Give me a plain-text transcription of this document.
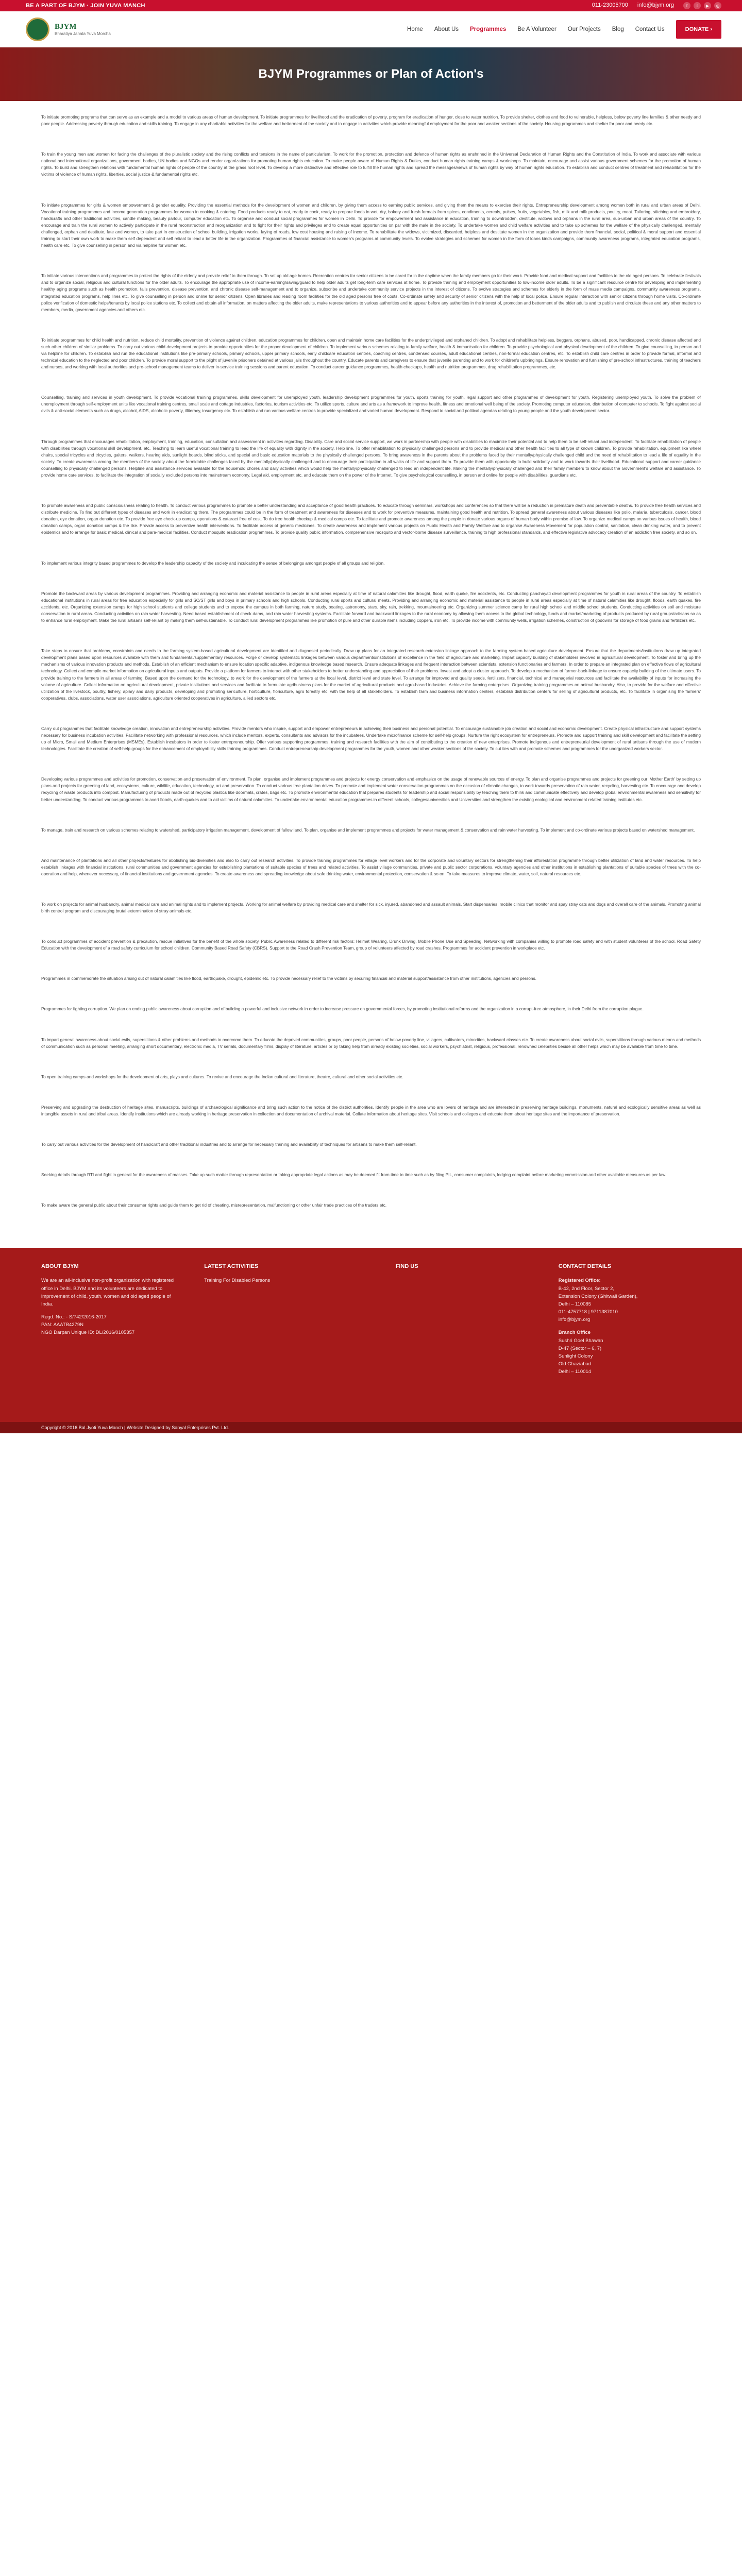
BE A PART OF BJYM · JOIN YUVA MANCH	011-23005700 info@bjym.org	f	t	▶	◎
BJYM
Bharatiya Janata Yuva Morcha
Home About Us Programmes Be A Volunteer Our Projects Blog Contact Us	DONATE ›
BJYM Programmes or Plan of Action's

To initiate promoting programs that can serve as an example and a model to various areas of human development. To initiate programmes for livelihood and the eradication of poverty, program for eradication of hunger, close to water nutrition. To provide shelter, clothes and food to vulnerable, helpless, below poverty line families & other needy and poor people. Addressing poverty through education and skills training. To engage in any charitable activities for the welfare and betterment of the society and to engage in activities which provide meaningful employment for the poor and weaker sections of the society. Housing programmes and shelter for poor and needy etc.

To train the young men and women for facing the challenges of the pluralistic society and the rising conflicts and tensions in the name of particularism. To work for the promotion, protection and defence of human rights as enshrined in the Universal Declaration of Human Rights and the Constitution of India. To work and associate with various national and international organizations, government bodies, UN bodies and NGOs and render organizations for promoting human rights education. To make people aware of Human Rights & Duties, conduct human rights training camps & workshops. To maintain, encourage and assist various government schemes for the promotion of human rights. To build and strengthen relations with fundamental human rights of people of the country at the grass root level. To develop a more distinctive and effective role to fulfill the human rights and spread the messages/views of human rights by way of human rights education. To establish and conduct centres of treatment and rehabilitation for the victims of violence of human rights, liberties, social justice & fundamental rights etc.

To initiate programmes for girls & women empowerment & gender equality. Providing the essential methods for the development of women and children, by giving them access to earning public services, and giving them the means to exercise their rights. Entrepreneurship development among women both in rural and urban areas of Delhi. Vocational training programmes and income generation programmes for women in cooking & catering. Food products ready to eat, ready to cook, ready to prepare foods in wet, dry, bakery and fresh formats from spices, condiments, cereals, pulses, fruits, vegetables, fish, milk and milk products, poultry, meat. Tailoring, stitching and embroidery, handicrafts and other traditional activities, candle making, beauty parlour, computer education etc. To organise and conduct social programmes for women in Delhi. To provide for empowerment and assistance in education, training to downtrodden, destitute, widows and orphans in the rural area, sub-urban and urban areas of the country. To encourage and train the rural women to actively participate in the rural reconstruction and reorganization and to fight for their rights and privileges and to create equal opportunities on par with the male in the society. To undertake women and child welfare activities and to take up schemes for the welfare of the physically challenged, mentally challenged, orphan and destitute, fate and women, to take part in construction of school building, irrigation works, laying of roads, low cost housing and raising of income. To rehabilitate the widows, victimized, discarded, helpless and destitute women in the organization and provide them financial, social, political & moral support and essential training to start their own work to make them self dependent and self reliant to lead a better life in the organization. Programmes of financial assistance to women's programs at community levels. To evolve strategies and schemes for women in the form of loans kinds campaigns, community awareness programs, integrated education programs, health care etc. To give counselling in person and via helpline for women etc.

To initiate various interventions and programmes to protect the rights of the elderly and provide relief to them through. To set up old age homes. Recreation centres for senior citizens to be cared for in the daytime when the family members go for their work. Provide food and medical support and facilities to the old aged persons. To celebrate festivals and to organize social, religious and cultural functions for the older adults. To encourage the appropriate use of income-earning/saving/guard to help older adults get long-term care services at home. To provide training and employment opportunities to low-income older adults. To be a significant resource centre for developing and implementing healthy aging programs such as health promotion, falls prevention, disease prevention, and chronic disease self-management and to organize, subscribe and undertake community service projects in the interest of citizens. To evolve strategies and schemes for elderly in the form of mass media campaigns, community awareness programs, integrated education programs, help lines etc. To give counselling in person and online for senior citizens. Open libraries and reading room facilities for the old aged persons free of costs. Co-ordinate safety and security of senior citizens with the help of local police. Ensure regular interaction with senior citizens through home visits. Co-ordinate police verification of domestic helps/tenants by local police stations etc. To collect and obtain all information, on matters affecting the older adults, make representations to various authorities and to appear before any authorities in the interest of, promotion and betterment of the older adults and to publish and circulate these and any other matters to members, media, government agencies and others etc.

To initiate programmes for child health and nutrition, reduce child mortality, prevention of violence against children, education programmes for children, open and maintain home care facilities for the underprivileged and orphaned children. To adopt and rehabilitate helpless, beggars, orphans, abused, poor, handicapped, chronic disease affected and such other children of similar problems. To carry out various child development projects to provide opportunities for the proper development of children. To implement various schemes relating to family welfare, health & immunisation for children. To provide psychological and physical development of the children. To give counselling, in person and via helpline for children. To establish and run the educational institutions like pre-primary schools, primary schools, upper primary schools, early childcare education centres, coaching centres, condensed courses, adult educational centres, non-formal education centres, etc. To establish child care centres in order to provide formal, informal and technical education to the neglected and poor children. To provide moral support to the plight of juvenile prisoners detained at various jails throughout the country. Educate parents and caregivers to ensure that juvenile parenting and to work for children's upbringings. Ensure renovation and furnishing of pre-school infrastructures, training of teachers and nurses, and working with local authorities and pre-school management teams to deliver in-service training sessions and parent education. To conduct career guidance programmes, health checkups, health and nutrition programmes, drug rehabilitation programmes, etc.

Counselling, training and services in youth development. To provide vocational training programmes, skills development for unemployed youth, leadership development programmes for youth, sports training for youth, legal support and other programmes of development for youth. Registering unemployed youth. To solve the problem of unemployment through self-employment units like vocational training centres, small scale and cottage industries, factories, tourism activities etc. To utilize sports, culture and arts as a framework to improve health, fitness and emotional well being of the society. Promoting computer education, distribution of computer to schools. To fight against social evils & anti-social elements such as drugs, alcohol, AIDS, alcoholic poverty, illiteracy, insurgency etc. To establish and run various welfare centres to provide specialized and varied human development. Respond to social and political agendas relating to young people and the youth development sector.

Through programmes that encourages rehabilitation, employment, training, education, consultation and assessment in activities regarding. Disability. Care and social service support, we work in partnership with people with disabilities to maximize their potential and to help them to be self-reliant and independent. To facilitate rehabilitation of people with disabilities through vocational skill development, etc. Teaching to learn useful vocational training to lead the life of equality with dignity in the society. Help line. To offer rehabilitation to physically challenged persons and to provide medical and other health facilities to all type of known children. To provide rehabilitation, equipment like wheel chairs, special tricycles and tricycles, gaiters, walkers, hearing aids, sunlight boards, blind sticks, and special and basic education materials to the physically challenged persons. To bring awareness in the parents about the problems faced by their mentally/physically challenged child and the need of rehabilitation to lead a life of equality in the society. To create awareness among the members of the society about the formidable challenges faced by the mentally/physically challenged and to encourage their participation in all walks of life and support them. To provide them with opportunity to build solidarity and to work towards their livelihood. Educational support and career guidance counselling to physically challenged persons. Helpline and assistance services available for the household chores and daily activities which would help the mentally/physically challenged to lead an independent life. Making the mentally/physically challenged and their family members to know about the Government's welfare and assistance. To provide home care services, to facilitate the integration of socially excluded persons into mainstream economy. Legal aid, employment etc. and educate them on the power of the Internet. To give psychological counselling, in person and online for people with disabilities, guardians etc.

To promote awareness and public consciousness relating to health. To conduct various programmes to promote a better understanding and acceptance of good health practices. To educate through seminars, workshops and conferences so that there will be a reduction in premature death and preventable deaths. To provide free health services and distribute medicine. To find out different types of diseases and work in eradicating them. The programmes could be in the form of treatment and awareness for diseases and to work for preventive measures, maintaining good health and nutrition. To spread general awareness about various diseases like polio, malaria, tuberculosis, cancer, blood donation, eye donation, organ donation etc. To provide free eye check-up camps, operations & cataract free of cost. To do free health checkup & medical camps etc. To facilitate and promote awareness among the people in donate various organs of human body within premise of law. To organize medical camps on various issues of health, blood donation camps, organ donation camps & the like. Provide access to preventive health interventions. To facilitate access of generic medicines. To create awareness and implement various projects on Public Health and Family Welfare and to organise Awareness Movement for population control, sanitation, clean drinking water, and to prevent epidemics and to arrange for basic medical, clinical and para-medical facilities. Conduct mosquito eradication programmes. To provide quality public information, comprehensive mosquito and vector-borne disease surveillance, training to high professional standards, and effective legislative advocacy creation of an addiction free society, and so on.

To implement various integrity based programmes to develop the leadership capacity of the society and inculcating the sense of belongings amongst people of all groups and religion.

Promote the backward areas by various development programmes. Providing and arranging economic and material assistance to people in rural areas especially at time of natural calamities like drought, flood, earth quake, fire accidents, etc. Conducting panchayati development programmes for youth in rural areas of the country. To establish educational institutions in rural areas for free education especially for girls and SC/ST girls and boys in primary schools and high schools. Conducting rural sports and cultural meets. Providing and arranging economic and material assistance to people in rural areas especially at time of natural calamities like drought, floods, earth quakes, fire accidents, etc. Organizing extension camps for high school students and college students and to expose the campus in both farming, nature study, boating, astronomy, stars, sky, rain, trekking, mountaineering etc. Organizing summer science camp for rural high school and middle school students. Conducting activities on soil and moisture conservation in rural areas. Conducting activities on rain water harvesting. Need based establishment of check dams, and rain water harvesting systems. Facilitate forward and backward linkages to the rural economy by allowing them access to the global technology, funds and market/marketing of products produced by rural groups/artisans so as to enhance rural employment. Make the rural artisans self-reliant by making them self-sustainable. To conduct rural development programmes like promotion of pure and other durable items including coppers, iron etc. To provide income with community wells, irrigation schemes, construction of godowns for storage of food grains and fertilizers etc.

Take steps to ensure that problems, constraints and needs to the farming system-based agricultural development are identified and diagnosed periodically. Draw up plans for an integrated research-extension linkage approach to the farming system-based agriculture development. Ensure that the departments/institutions draw up integrated development plans based upon resources available with them and fundamental/supplementary resources. Forge or develop systematic linkages between various departments/institutions of excellence in the field of agriculture and marketing. Impart capacity building of stakeholders involved in agricultural development. To foster and bring up the mechanisms of various innovation products and methods. Establish of an efficient mechanism to ensure location specific adaptive, indigenous knowledge based research. Ensure adequate linkages and frequent interaction between scientists, extension functionaries and farmers. In order to prepare an integrated plan on effective flows of agricultural technology. Collect and compile market information on agricultural inputs and outputs. Provide a platform for farmers to interact with other stakeholders to better understanding and appreciation of their problems. Invest and adopt a cluster approach. To develop a mechanism of farmer-back-linkage to ensure capacity building of the ultimate users. To provide training to the farmers in all areas of farming. Based upon the demand for the technology, to work for the development of the farmers at the local level, district level and state level. To arrange for improved and quality seeds, fertilizers, financial, technical and managerial resources and facilitate the availability of inputs for increasing the volume of agriculture. Collect information on agricultural development, private institutions and services and facilitate to formulate agribusiness plans for the market of agricultural products and agro-based industries. Achieve the farming enterprises. Organizing training programmes on animal husbandry. Also, to provide for the welfare and effective utilization of the livestock, poultry, fishery, apiary and dairy products, developing and promoting sericulture, horticulture, floriculture, agro forestry etc. with the help of all stakeholders. To establish farm and business information centers, establish distribution centers for selling of agricultural products, etc. To facilitate in organising the farmers' cooperatives, clubs, associations, water user associations, agriculture oriented cooperatives in agriculture, allied sectors etc.

Carry out programmes that facilitate knowledge creation, innovation and entrepreneurship activities. Provide mentors who inspire, support and empower entrepreneurs in achieving their business and personal potential. To encourage sustainable job creation and social and economic development. Create physical infrastructure and support systems necessary for business incubation activities. Facilitate networking with professional resources, which include mentors, experts, consultants and advisors for the incubatees. Undertake microfinance scheme for self-help groups. Nurture the right ecosystem for entrepreneurs. Promote and support training and skill development and facilitate the setting up of Micro, Small and Medium Enterprises (MSMEs). Establish incubators in order to foster entrepreneurship. Offer various supporting programmes, training and research facilities with the aim of contributing to the creation of new enterprises. Promote indigenous and entrepreneurial development of rural artisans through the use of modern technologies. Facilitate the creation of self-help groups for the enhancement of employability skills training programmes. Conduct entrepreneurship development programmes for the youth, women and other weaker sections of the society. To cut ties with and promote schemes and programmes for the unorganized workers sector.

Developing various programmes and activities for promotion, conservation and preservation of environment. To plan, organise and implement programmes and projects for energy conservation and emphasize on the usage of renewable sources of energy. To plan and organise programmes and projects for greening our 'Mother Earth' by setting up plans and projects for greening of land, ecosystems, culture, wildlife, education, technology, art and preservation. To conduct various tree plantation drives. To promote and implement water conservation programmes on the occasion of climatic changes, to work towards preservation of rain water, recycling, harvesting etc. To encourage and develop recycling of waste products into compost. Manufacturing of products made out of recycled plastics like doormats, crates, bags etc. To promote environmental education that prepares students for leadership and social responsibility by teaching them to think and communicate effectively and develop global environmental awareness and sensitivity for better understanding. To conduct various programmes to avert floods, earth-quakes and to aid victims of natural calamities. To undertake environmental education programmes in different schools, colleges/universities and Universities and strengthen the existing ecological and environment related training institutes etc.

To manage, train and research on various schemes relating to watershed, participatory irrigation management, development of fallow land. To plan, organise and implement programmes and projects for water management & conservation and rain water harvesting. To implement and co-ordinate various projects based on watershed management.

And maintenance of plantations and all other projects/features for abolishing bio-diversities and also to carry out research activities. To provide training programmes for village level workers and for the corporate and voluntary sectors for strengthening their afforestation programme through better utilization of land and water resources. To help establish linkages with financial institutions, rural communities and government agencies for establishing plantations of suitable species of trees and related activities. To assist village communities, private and public sector corporations, voluntary agencies and other institutions in establishing plantations of suitable species of trees with the co-operation and help, whenever necessary, of financial institutions and government agencies. To create awareness and spreading knowledge about safe drinking water, environmental protection, conservation & so on. To take measures to improve climate, water, soil, natural resources etc.

To work on projects for animal husbandry, animal medical care and animal rights and to implement projects. Working for animal welfare by providing medical care and shelter for sick, injured, abandoned and assault animals. Start dispensaries, mobile clinics that monitor and spay stray cats and dogs and overall care of the animals. Promoting animal birth control program and discouraging brutal extermination of stray animals etc.

To conduct programmes of accident prevention & precaution, rescue initiatives for the benefit of the whole society. Public Awareness related to different risk factors: Helmet Wearing, Drunk Driving, Mobile Phone Use and Speeding. Networking with companies willing to promote road safety and with student volunteers of the school. Road Safety Education with the development of a road safety curriculum for school children, Community Based Road Safety (CBRS). Support to the Road Crash Prevention Team, group of volunteers affected by road crashes. Programmes for accident prevention in workplace etc.

Programmes in commemorate the situation arising out of natural calamities like flood, earthquake, drought, epidemic etc. To provide necessary relief to the victims by securing financial and material support/assistance from other institutions, agencies and persons.

Programmes for fighting corruption. We plan on ending public awareness about corruption and of building a powerful and inclusive network in order to increase pressure on governmental forces, by promoting institutional reforms and the organization in a corrupt-free atmosphere, in their Delhi from the corruption plague.

To impart general awareness about social evils, superstitions & other problems and methods to overcome them. To educate the deprived communities, groups, poor people, persons of below poverty line, villagers, cultivators, minorities, backward classes etc. To create awareness about social evils, superstitions through various means and methods of communication such as personal meeting, arranging short documentary, electronic media, TV serials, documentary films, display of literature, articles or by taking help from already existing societies, social workers, psychiatrist, religious, professional, renowned celebrities beside all other helps which may be available from time to time.

To open training camps and workshops for the development of arts, plays and cultures. To revive and encourage the Indian cultural and literature, theatre, cultural and other social activities etc.

Preserving and upgrading the destruction of heritage sites, manuscripts, buildings of archaeological significance and bring such action to the notice of the district authorities. Identify people in the area who are lovers of heritage and are interested in preserving heritage buildings, monuments, natural and ecologically sensitive areas as well as intangible assets in rural and tribal areas. Identify institutions which are already working in heritage preservation in collection and documentation of archival material. Collate information about heritage sites. Visit schools and colleges and educate them about heritage sites and the importance of preservation.

To carry out various activities for the development of handicraft and other traditional industries and to arrange for necessary training and availability of techniques for artisans to make them self-reliant.

Seeking details through RTI and fight in general for the awareness of masses. Take up such matter through representation or taking appropriate legal actions as may be deemed fit from time to time such as by filing PIL, consumer complaints, lodging complaint before marketing commission and other available measures as per law.

To make aware the general public about their consumer rights and guide them to get rid of cheating, misrepresentation, malfunctioning or other unfair trade practices of the traders etc.

ABOUT BJYM

We are an all-inclusive non-profit organization with registered office in Delhi. BJYM and its volunteers are dedicated to improvement of child, youth, women and old aged people of India.

Regd. No.: - S/742/2016-2017

PAN: AAATB4279N

NGO Darpan Unique ID: DL/2016/0105357

LATEST ACTIVITIES
Training For Disabled Persons
FIND US	CONTACT DETAILS

Registered Office:

B-42, 2nd Floor, Sector 2,

Extension Colony (Ghitwali Garden),

Delhi – 110085

011-4757718 | 9711387010

info@bjym.org

Branch Office

Sushri Goel Bhawan

D-47 (Sector – 6, 7)

Sunlight Colony

Old Ghaziabad

Delhi – 110014

Copyright © 2016 Bal Jyoti Yuva Manch | Website Designed by Sanyal Enterprises Pvt. Ltd.
